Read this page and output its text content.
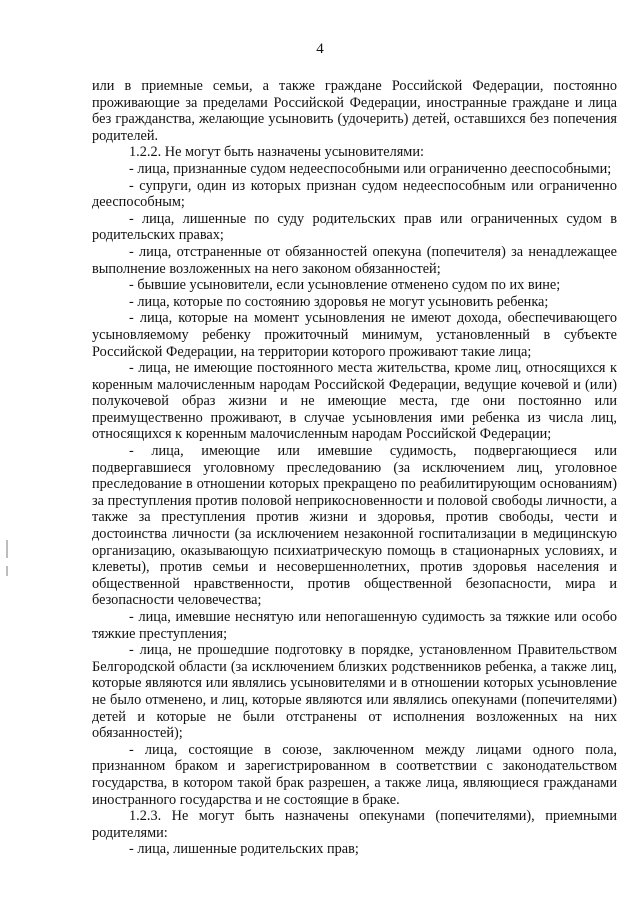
4

или в приемные семьи, а также граждане Российской Федерации, постоянно проживающие за пределами Российской Федерации, иностранные граждане и лица без гражданства, желающие усыновить (удочерить) детей, оставшихся без попечения родителей.

1.2.2. Не могут быть назначены усыновителями:

- лица, признанные судом недееспособными или ограниченно дееспособными;

- супруги, один из которых признан судом недееспособным или ограниченно дееспособным;

- лица, лишенные по суду родительских прав или ограниченных судом в родительских правах;

- лица, отстраненные от обязанностей опекуна (попечителя) за ненадлежащее выполнение возложенных на него законом обязанностей;

- бывшие усыновители, если усыновление отменено судом по их вине;

- лица, которые по состоянию здоровья не могут усыновить ребенка;

- лица, которые на момент усыновления не имеют дохода, обеспечивающего усыновляемому ребенку прожиточный минимум, установленный в субъекте Российской Федерации, на территории которого проживают такие лица;

- лица, не имеющие постоянного места жительства, кроме лиц, относящихся к коренным малочисленным народам Российской Федерации, ведущие кочевой и (или) полукочевой образ жизни и не имеющие места, где они постоянно или преимущественно проживают, в случае усыновления ими ребенка из числа лиц, относящихся к коренным малочисленным народам Российской Федерации;

- лица, имеющие или имевшие судимость, подвергающиеся или подвергавшиеся уголовному преследованию (за исключением лиц, уголовное преследование в отношении которых прекращено по реабилитирующим основаниям) за преступления против половой неприкосновенности и половой свободы личности, а также за преступления против жизни и здоровья, против свободы, чести и достоинства личности (за исключением незаконной госпитализации в медицинскую организацию, оказывающую психиатрическую помощь в стационарных условиях, и клеветы), против семьи и несовершеннолетних, против здоровья населения и общественной нравственности, против общественной безопасности, мира и безопасности человечества;

- лица, имевшие неснятую или непогашенную судимость за тяжкие или особо тяжкие преступления;

- лица, не прошедшие подготовку в порядке, установленном Правительством Белгородской области (за исключением близких родственников ребенка, а также лиц, которые являются или являлись усыновителями и в отношении которых усыновление не было отменено, и лиц, которые являются или являлись опекунами (попечителями) детей и которые не были отстранены от исполнения возложенных на них обязанностей);

- лица, состоящие в союзе, заключенном между лицами одного пола, признанном браком и зарегистрированном в соответствии с законодательством государства, в котором такой брак разрешен, а также лица, являющиеся гражданами иностранного государства и не состоящие в браке.

1.2.3. Не могут быть назначены опекунами (попечителями), приемными родителями:

- лица, лишенные родительских прав;
